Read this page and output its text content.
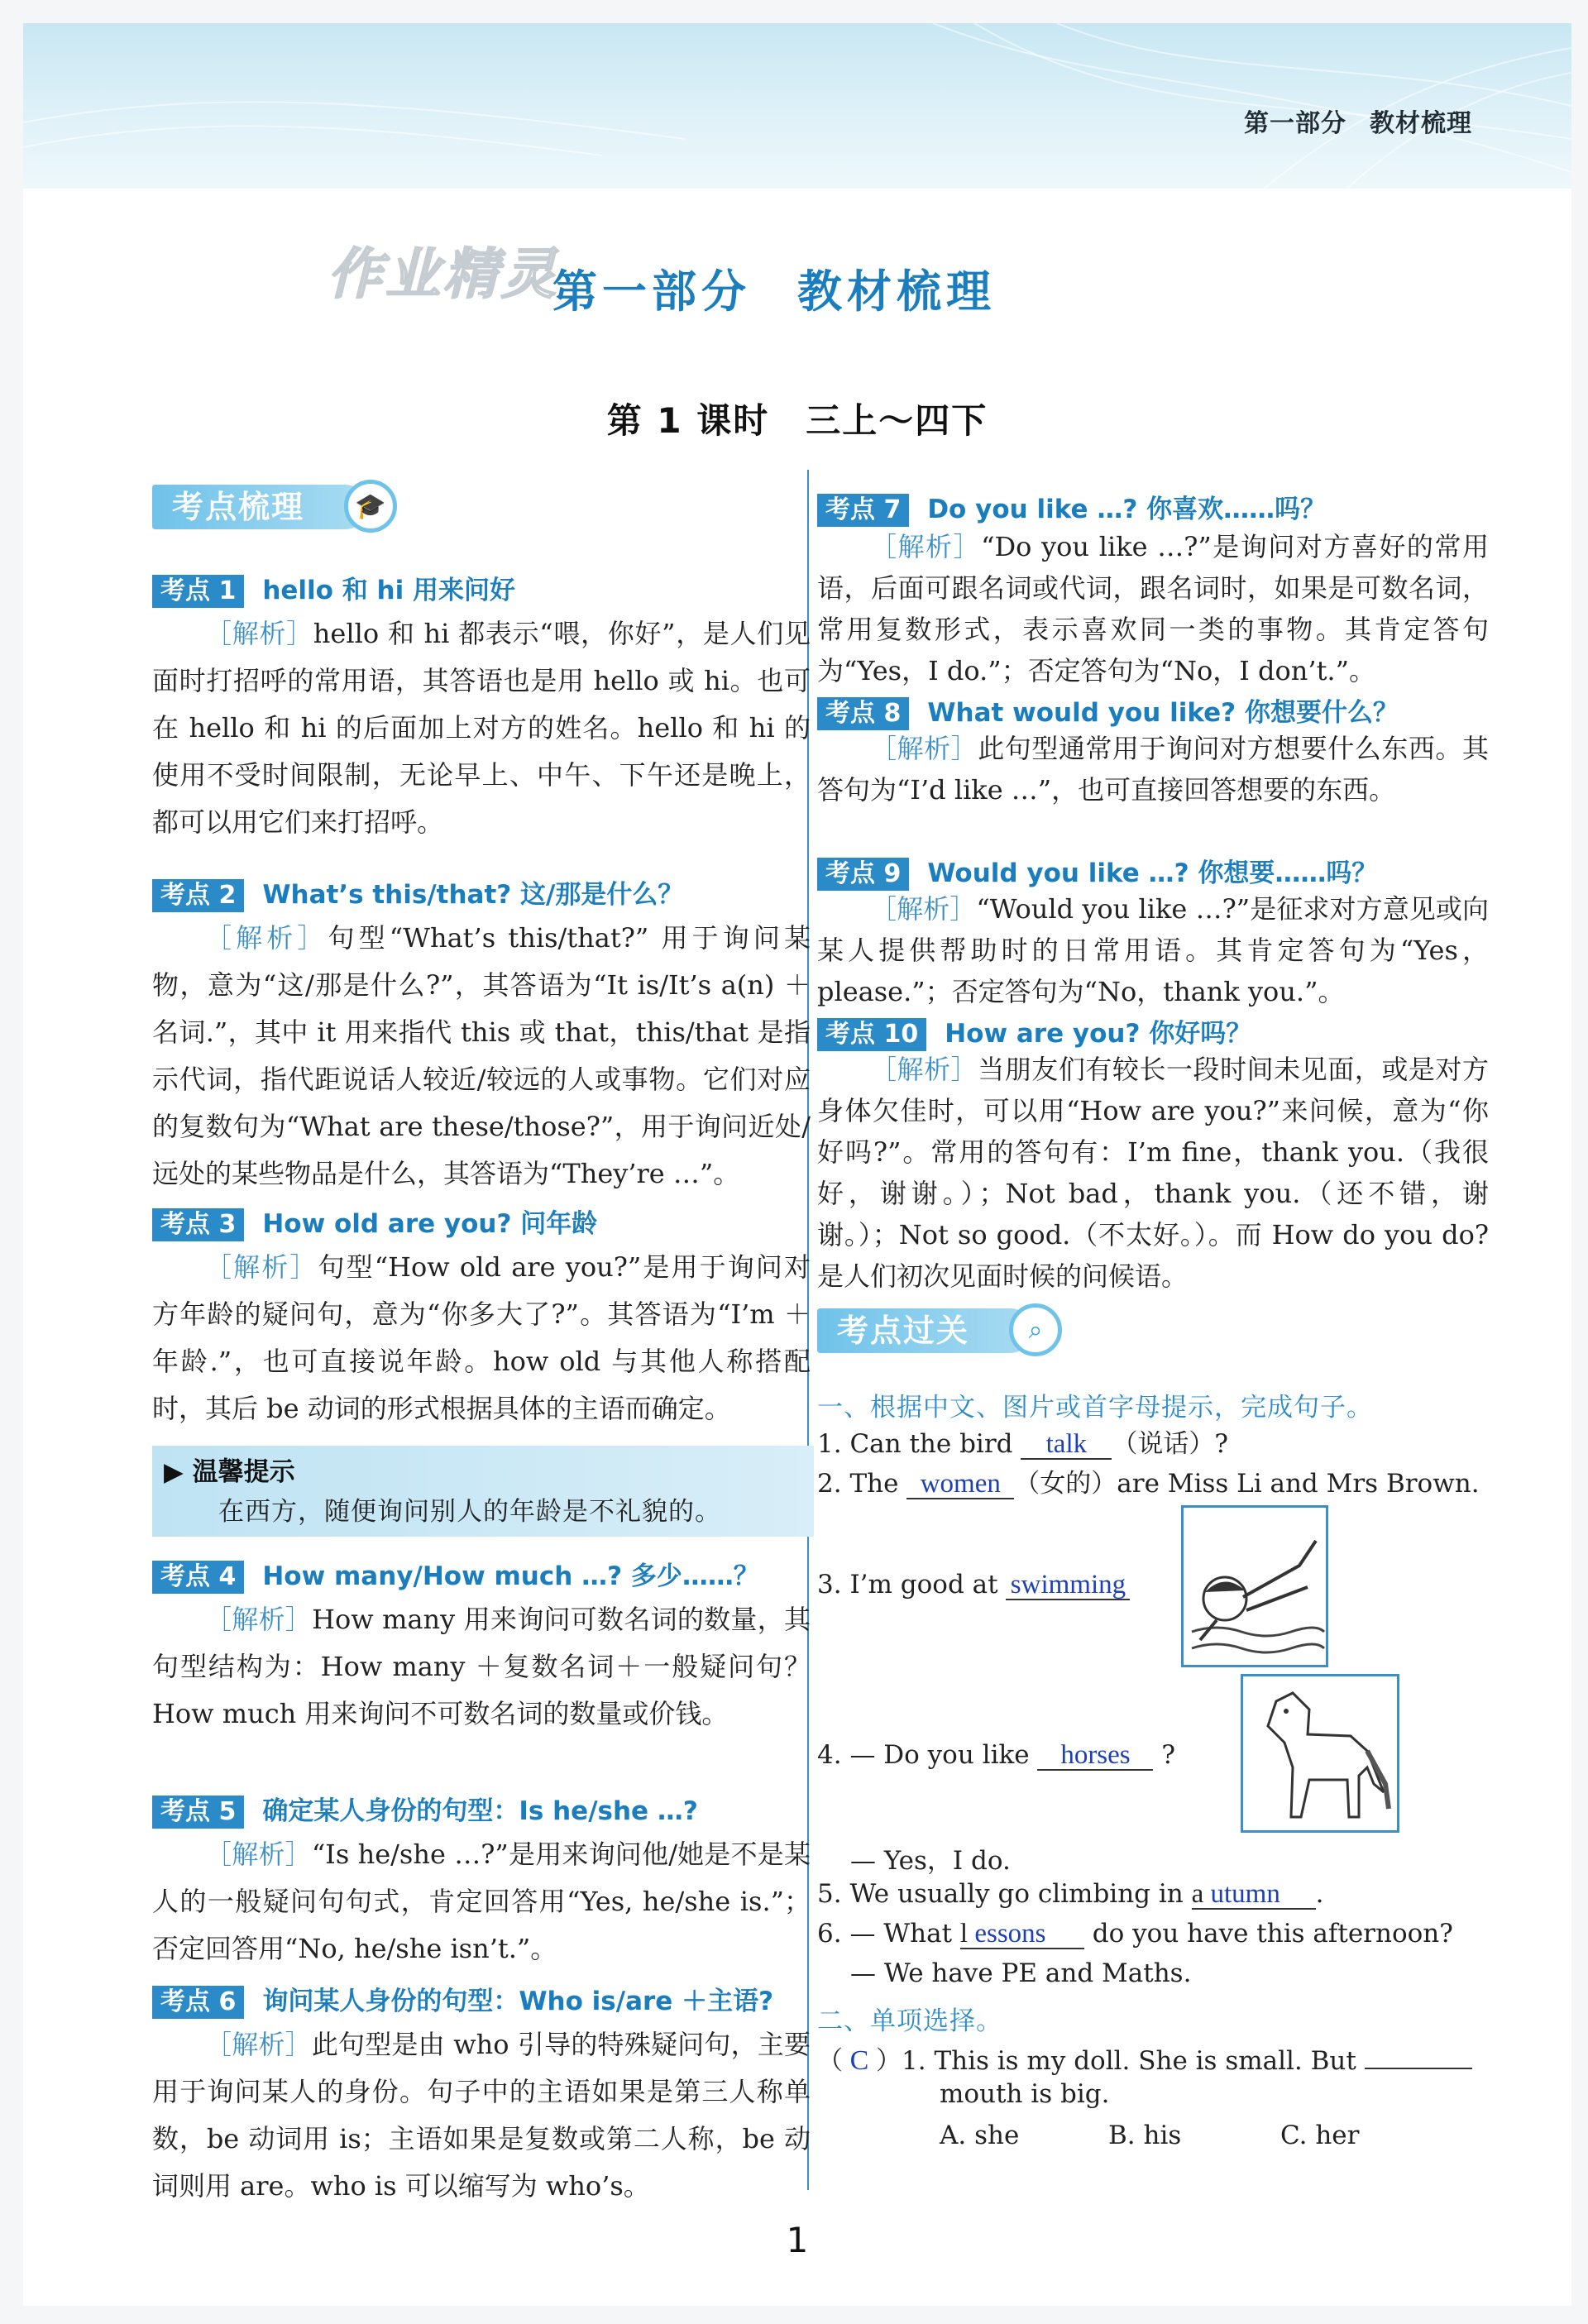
第一部分 教材梳理
作业精灵
第一部分 教材梳理
第 1 课时　三上～四下
考点梳理	🎓
考点 1 hello 和 hi 用来问好
［解析］hello 和 hi 都表示“喂，你好”，是人们见面时打招呼的常用语，其答语也是用 hello 或 hi。也可在 hello 和 hi 的后面加上对方的姓名。hello 和 hi 的使用不受时间限制，无论早上、中午、下午还是晚上，都可以用它们来打招呼。
考点 2 What’s this/that? 这/那是什么？
［解析］句型“What’s this/that?” 用于询问某物，意为“这/那是什么?”，其答语为“It is/It’s a(n) ＋名词.”，其中 it 用来指代 this 或 that，this/that 是指示代词，指代距说话人较近/较远的人或事物。它们对应的复数句为“What are these/those?”，用于询问近处/远处的某些物品是什么，其答语为“They’re …”。
考点 3 How old are you? 问年龄
［解析］句型“How old are you?”是用于询问对方年龄的疑问句，意为“你多大了?”。其答语为“I’m ＋年龄.”，也可直接说年龄。how old 与其他人称搭配时，其后 be 动词的形式根据具体的主语而确定。
▶ 温馨提示
在西方，随便询问别人的年龄是不礼貌的。
考点 4 How many/How much …? 多少……？
［解析］How many 用来询问可数名词的数量，其句型结构为：How many ＋复数名词＋一般疑问句？How much 用来询问不可数名词的数量或价钱。
考点 5 确定某人身份的句型：Is he/she …?
［解析］“Is he/she …?”是用来询问他/她是不是某人的一般疑问句句式，肯定回答用“Yes, he/she is.”；否定回答用“No, he/she isn’t.”。
考点 6 询问某人身份的句型：Who is/are ＋主语?
［解析］此句型是由 who 引导的特殊疑问句，主要用于询问某人的身份。句子中的主语如果是第三人称单数，be 动词用 is；主语如果是复数或第二人称，be 动词则用 are。who is 可以缩写为 who’s。
考点 7 Do you like …? 你喜欢……吗？
［解析］“Do you like …?”是询问对方喜好的常用语，后面可跟名词或代词，跟名词时，如果是可数名词，常用复数形式，表示喜欢同一类的事物。其肯定答句为“Yes，I do.”；否定答句为“No，I don’t.”。
考点 8 What would you like? 你想要什么？
［解析］此句型通常用于询问对方想要什么东西。其答句为“I’d like …”，也可直接回答想要的东西。
考点 9 Would you like …? 你想要……吗？
［解析］“Would you like …?”是征求对方意见或向某人提供帮助时的日常用语。其肯定答句为“Yes，please.”；否定答句为“No，thank you.”。
考点 10 How are you? 你好吗？
［解析］当朋友们有较长一段时间未见面，或是对方身体欠佳时，可以用“How are you?”来问候，意为“你好吗?”。常用的答句有：I’m fine，thank you.（我很好，谢谢。）；Not bad，thank you.（还不错，谢谢。）；Not so good.（不太好。）。而 How do you do? 是人们初次见面时候的问候语。
考点过关	⌕
一、根据中文、图片或首字母提示，完成句子。
1. Can the bird talk （说话）?
2. The women （女的）are Miss Li and Mrs Brown.
3. I’m good at swimming
4. — Do you like horses ?
— Yes，I do.
5. We usually go climbing in a utumn .
6. — What l essons do you have this afternoon?
— We have PE and Maths.
二、单项选择。
（ C ）1. This is my doll. She is small. But
mouth is big.
A. she	B. his	C. her
1
